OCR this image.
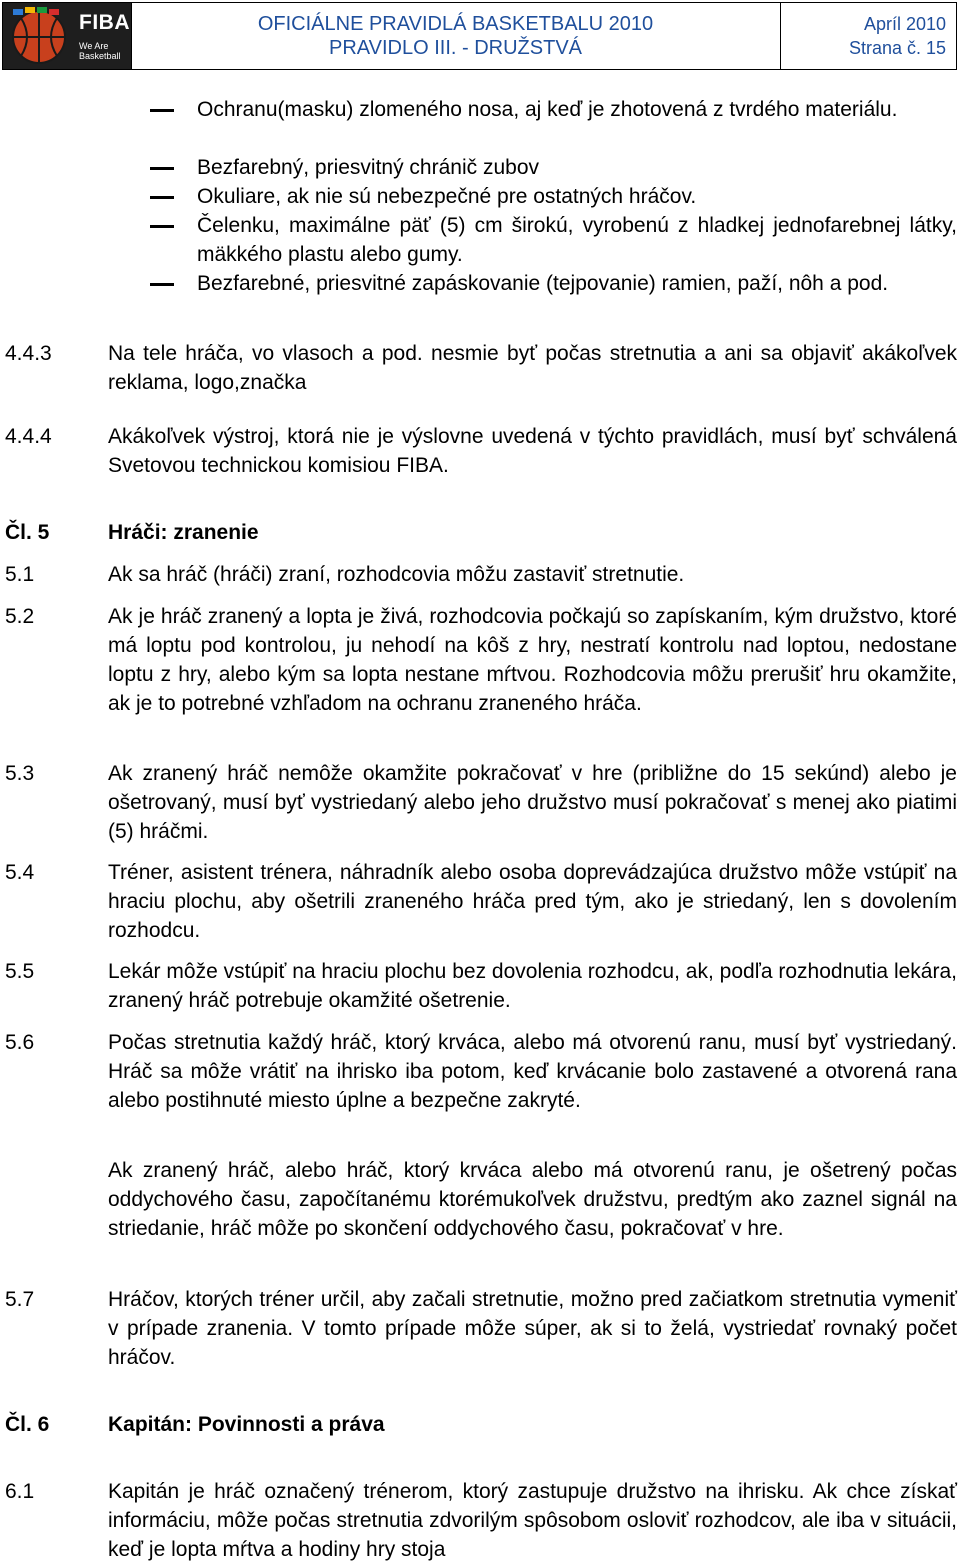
FIBA
We Are Basketball
OFICIÁLNE PRAVIDLÁ BASKETBALU 2010
PRAVIDLO III. - DRUŽSTVÁ
Apríl 2010
Strana č. 15
Ochranu(masku) zlomeného nosa, aj keď je zhotovená z tvrdého materiálu.
Bezfarebný, priesvitný chránič zubov
Okuliare, ak nie sú nebezpečné pre ostatných hráčov.
Čelenku, maximálne päť (5) cm širokú, vyrobenú z hladkej jednofarebnej látky, mäkkého plastu alebo gumy.
Bezfarebné, priesvitné zapáskovanie (tejpovanie) ramien, paží, nôh a pod.
4.4.3	Na tele hráča, vo vlasoch a pod. nesmie byť počas stretnutia a ani sa objaviť akákoľvek reklama, logo,značka
4.4.4	Akákoľvek výstroj, ktorá nie je výslovne uvedená v týchto pravidlách, musí byť schválená Svetovou technickou komisiou FIBA.
Čl. 5	Hráči: zranenie
5.1	Ak sa hráč (hráči) zraní, rozhodcovia môžu zastaviť stretnutie.
5.2	Ak je hráč zranený a lopta je živá, rozhodcovia počkajú so zapískaním, kým družstvo, ktoré má loptu pod kontrolou, ju nehodí na kôš z hry, nestratí kontrolu nad loptou, nedostane loptu z hry, alebo kým sa lopta nestane mŕtvou. Rozhodcovia môžu prerušiť hru okamžite, ak je to potrebné vzhľadom na ochranu zraneného hráča.
5.3	Ak zranený hráč nemôže okamžite pokračovať v hre (približne do 15 sekúnd) alebo je ošetrovaný, musí byť vystriedaný alebo jeho družstvo musí pokračovať s menej ako piatimi (5) hráčmi.
5.4	Tréner, asistent trénera, náhradník alebo osoba doprevádzajúca družstvo môže vstúpiť na hraciu plochu, aby ošetrili zraneného hráča pred tým, ako je striedaný, len s dovolením rozhodcu.
5.5	Lekár môže vstúpiť na hraciu plochu bez dovolenia rozhodcu, ak, podľa rozhodnutia lekára, zranený hráč potrebuje okamžité ošetrenie.
5.6	Počas stretnutia každý hráč, ktorý krváca, alebo má otvorenú ranu, musí byť vystriedaný. Hráč sa môže vrátiť na ihrisko iba potom, keď krvácanie bolo zastavené a otvorená rana alebo postihnuté miesto úplne a bezpečne zakryté.
Ak zranený hráč, alebo hráč, ktorý krváca alebo má otvorenú ranu, je ošetrený počas oddychového času, započítanému ktorémukoľvek družstvu, predtým ako zaznel signál na striedanie, hráč môže po skončení oddychového času, pokračovať v hre.
5.7	Hráčov, ktorých tréner určil, aby začali stretnutie, možno pred začiatkom stretnutia vymeniť v prípade zranenia. V tomto prípade môže súper, ak si to želá, vystriedať rovnaký počet hráčov.
Čl. 6	Kapitán: Povinnosti a práva
6.1	Kapitán je hráč označený trénerom, ktorý zastupuje družstvo na ihrisku. Ak chce získať informáciu, môže počas stretnutia zdvorilým spôsobom osloviť rozhodcov, ale iba v situácii, keď je lopta mŕtva a hodiny hry stoja
